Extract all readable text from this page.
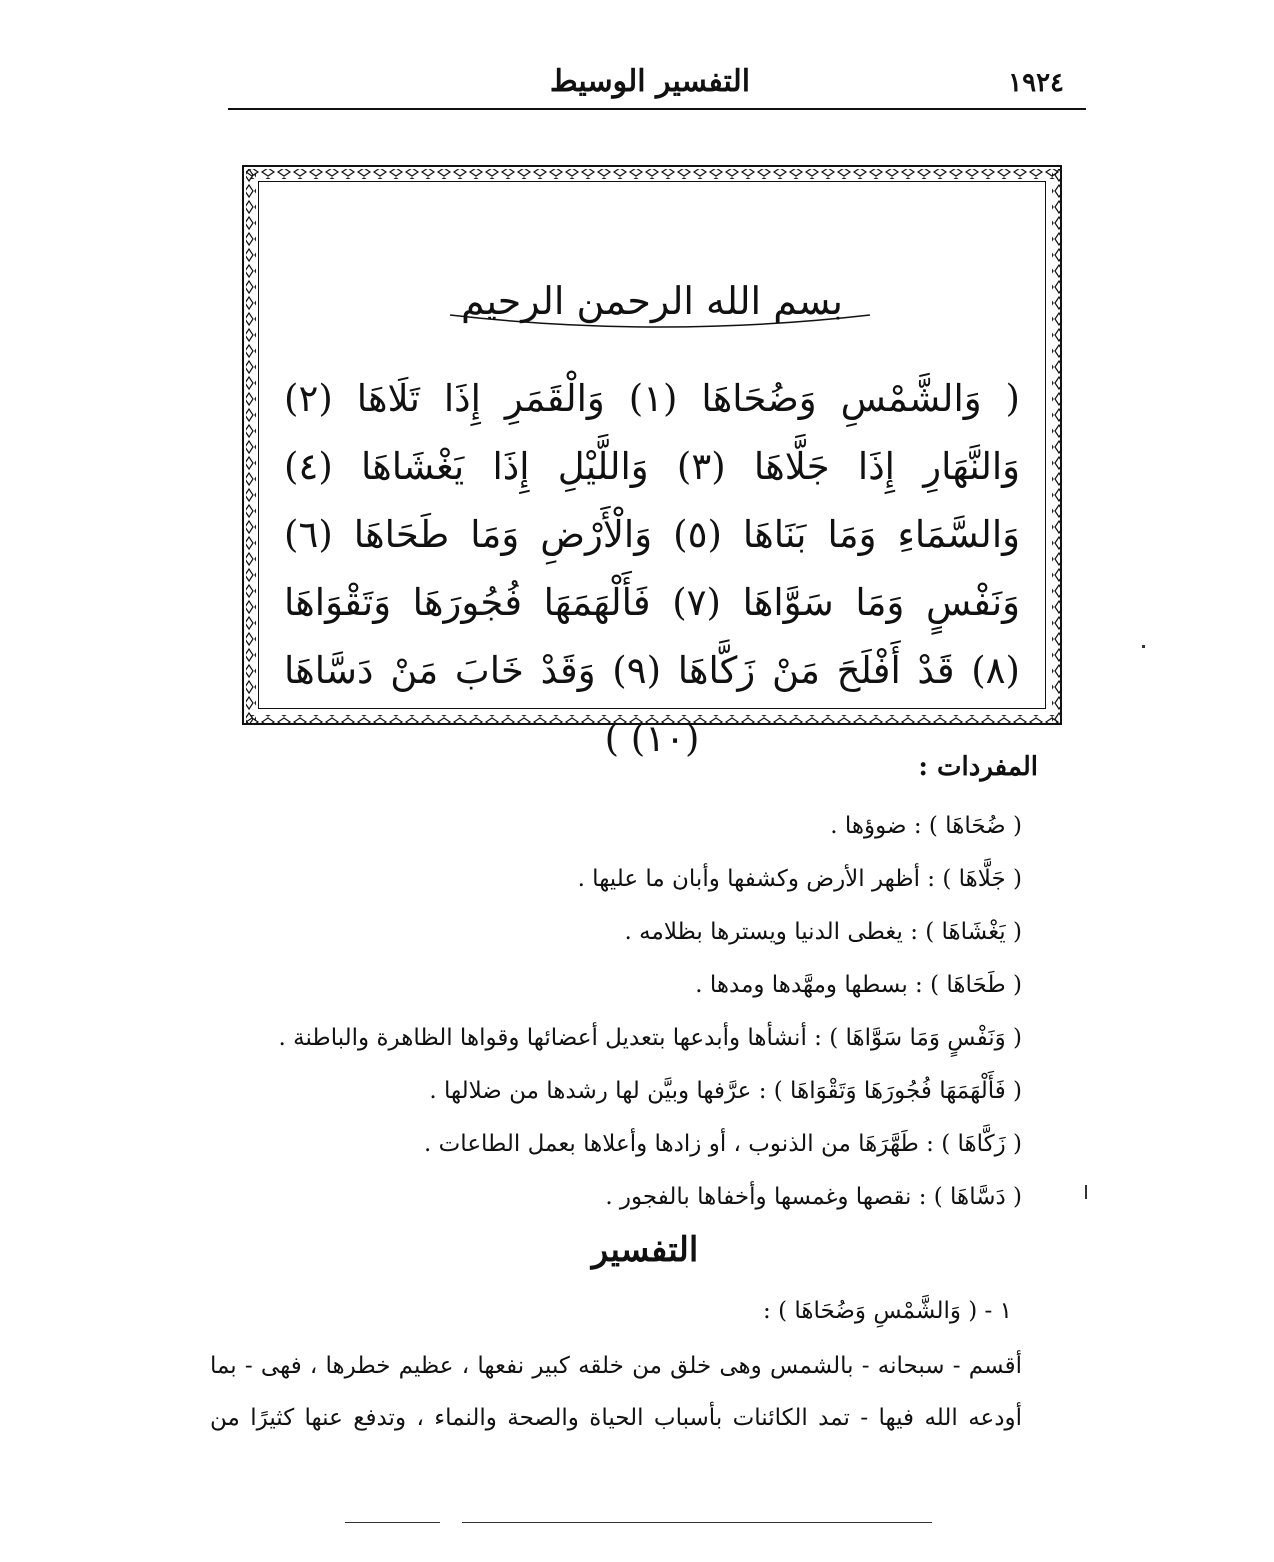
١٩٢٤
التفسير الوسيط
بسم الله الرحمن الرحيم
( وَالشَّمْسِ وَضُحَاهَا (١) وَالْقَمَرِ إِذَا تَلَاهَا (٢) وَالنَّهَارِ إِذَا جَلَّاهَا (٣) وَاللَّيْلِ إِذَا يَغْشَاهَا (٤) وَالسَّمَاءِ وَمَا بَنَاهَا (٥) وَالْأَرْضِ وَمَا طَحَاهَا (٦) وَنَفْسٍ وَمَا سَوَّاهَا (٧) فَأَلْهَمَهَا فُجُورَهَا وَتَقْوَاهَا (٨) قَدْ أَفْلَحَ مَنْ زَكَّاهَا (٩) وَقَدْ خَابَ مَنْ دَسَّاهَا (١٠) )
المفردات :
( ضُحَاهَا ) : ضوؤها .
( جَلَّاهَا ) : أظهر الأرض وكشفها وأبان ما عليها .
( يَغْشَاهَا ) : يغطى الدنيا ويسترها بظلامه .
( طَحَاهَا ) : بسطها ومهَّدها ومدها .
( وَنَفْسٍ وَمَا سَوَّاهَا ) : أنشأها وأبدعها بتعديل أعضائها وقواها الظاهرة والباطنة .
( فَأَلْهَمَهَا فُجُورَهَا وَتَقْوَاهَا ) : عرَّفها وبيَّن لها رشدها من ضلالها .
( زَكَّاهَا ) : طَهَّرَهَا من الذنوب ، أو زادها وأعلاها بعمل الطاعات .
( دَسَّاهَا ) : نقصها وغمسها وأخفاها بالفجور .
التفسير
١ - ( وَالشَّمْسِ وَضُحَاهَا ) :
أقسم - سبحانه - بالشمس وهى خلق من خلقه كبير نفعها ، عظيم خطرها ، فهى - بما أودعه الله فيها - تمد الكائنات بأسباب الحياة والصحة والنماء ، وتدفع عنها كثيرًا من
